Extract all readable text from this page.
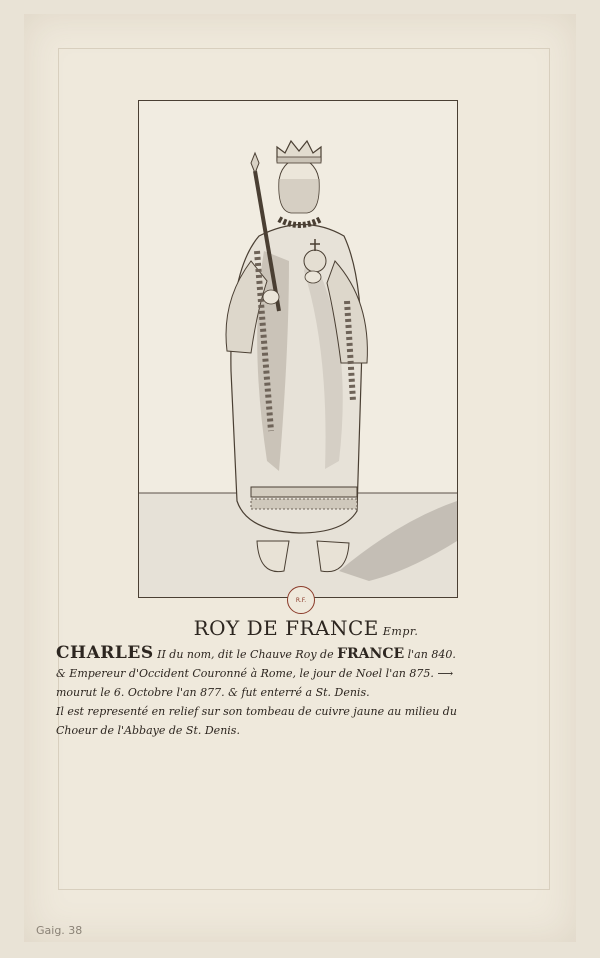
R.F.
ROY DE FRANCE Empr.
CHARLES II du nom, dit le Chauve Roy de FRANCE l'an 840.
& Empereur d'Occident Couronné à Rome, le jour de Noel l'an 875. ⟶
mourut le 6. Octobre l'an 877. & fut enterré a St. Denis.
Il est representé en relief sur son tombeau de cuivre jaune au milieu du
Choeur de l'Abbaye de St. Denis.
Gaig. 38
